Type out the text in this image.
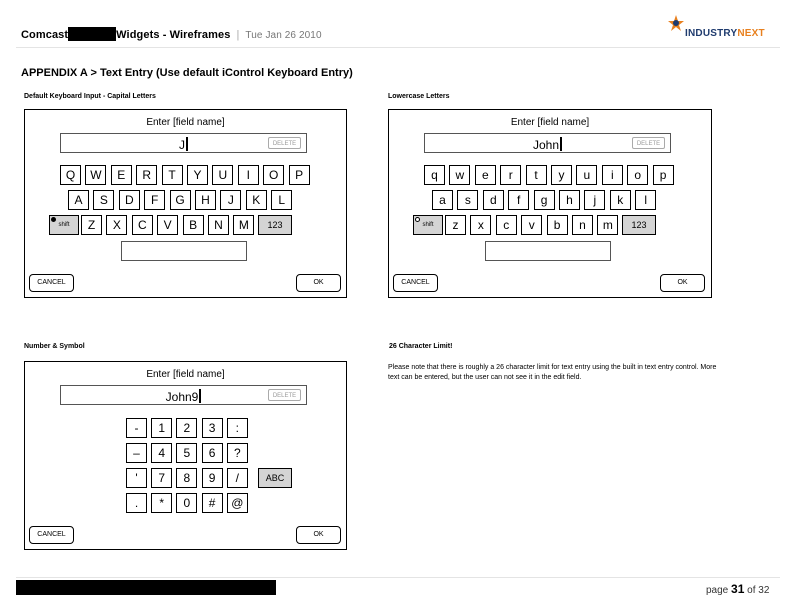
Comcast	Widgets - Wireframes | Tue Jan 26 2010	INDUSTRYNEXT
APPENDIX A > Text Entry (Use default iControl Keyboard Entry)
Default Keyboard Input - Capital Letters
Enter [field name]
J	DELETE
CANCEL	OK
Q	W	E	R	T	Y	U	I	O	P
A	S	D	F	G	H	J	K	L
shift	Z	X	C	V	B	N	M	123
Lowercase Letters
Enter [field name]
John	DELETE
CANCEL	OK
q	w	e	r	t	y	u	i	o	p
a	s	d	f	g	h	j	k	l
shift	z	x	c	v	b	n	m	123
Number & Symbol
Enter [field name]
John9	DELETE
CANCEL	OK
-	1	2	3	:
–	4	5	6	?
'	7	8	9	/
.	*	0	#	@
ABC
26 Character Limit!
Please note that there is roughly a 26 character limit for text entry using the built in text entry control. More text can be entered, but the user can not see it in the edit field.
page 31 of 32
